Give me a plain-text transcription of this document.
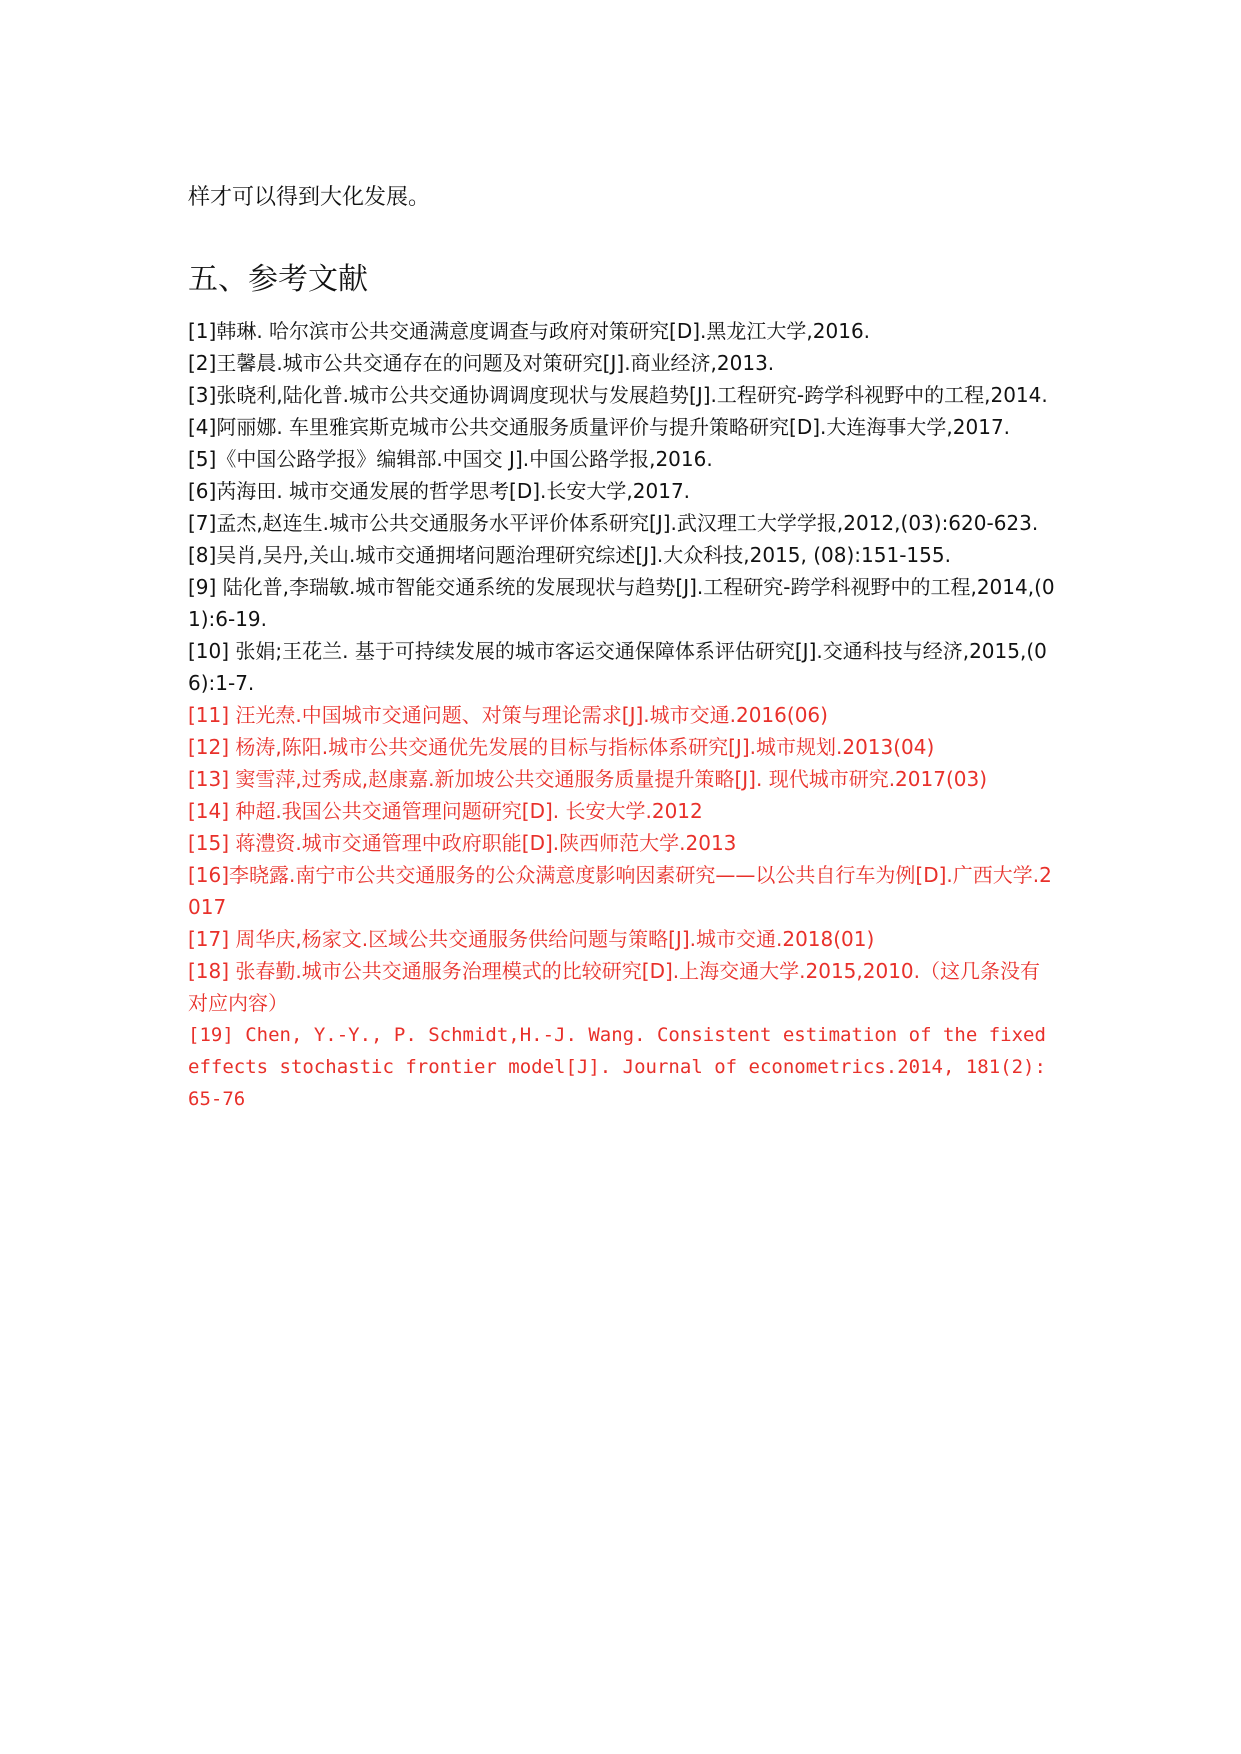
样才可以得到大化发展。

五、参考文献
[1]韩琳. 哈尔滨市公共交通满意度调查与政府对策研究[D].黑龙江大学,2016.
[2]王馨晨.城市公共交通存在的问题及对策研究[J].商业经济,2013.
[3]张晓利,陆化普.城市公共交通协调调度现状与发展趋势[J].工程研究-跨学科视野中的工程,2014.
[4]阿丽娜. 车里雅宾斯克城市公共交通服务质量评价与提升策略研究[D].大连海事大学,2017.
[5]《中国公路学报》编辑部.中国交 J].中国公路学报,2016.
[6]芮海田. 城市交通发展的哲学思考[D].长安大学,2017.
[7]孟杰,赵连生.城市公共交通服务水平评价体系研究[J].武汉理工大学学报,2012,(03):620-623.
[8]吴肖,吴丹,关山.城市交通拥堵问题治理研究综述[J].大众科技,2015, (08):151-155.
[9] 陆化普,李瑞敏.城市智能交通系统的发展现状与趋势[J].工程研究-跨学科视野中的工程,2014,(01):6-19.
[10] 张娟;王花兰. 基于可持续发展的城市客运交通保障体系评估研究[J].交通科技与经济,2015,(06):1-7.
[11] 汪光焘.中国城市交通问题、对策与理论需求[J].城市交通.2016(06)
[12] 杨涛,陈阳.城市公共交通优先发展的目标与指标体系研究[J].城市规划.2013(04)
[13] 窦雪萍,过秀成,赵康嘉.新加坡公共交通服务质量提升策略[J]. 现代城市研究.2017(03)
[14] 种超.我国公共交通管理问题研究[D]. 长安大学.2012
[15] 蒋澧资.城市交通管理中政府职能[D].陕西师范大学.2013
[16]李晓露.南宁市公共交通服务的公众满意度影响因素研究——以公共自行车为例[D].广西大学.2017
[17] 周华庆,杨家文.区域公共交通服务供给问题与策略[J].城市交通.2018(01)
[18] 张春勤.城市公共交通服务治理模式的比较研究[D].上海交通大学.2015,2010.（这几条没有对应内容）
[19] Chen, Y.-Y., P. Schmidt,H.-J. Wang. Consistent estimation of the fixed effects stochastic frontier model[J]. Journal of econometrics.2014, 181(2): 65-76
